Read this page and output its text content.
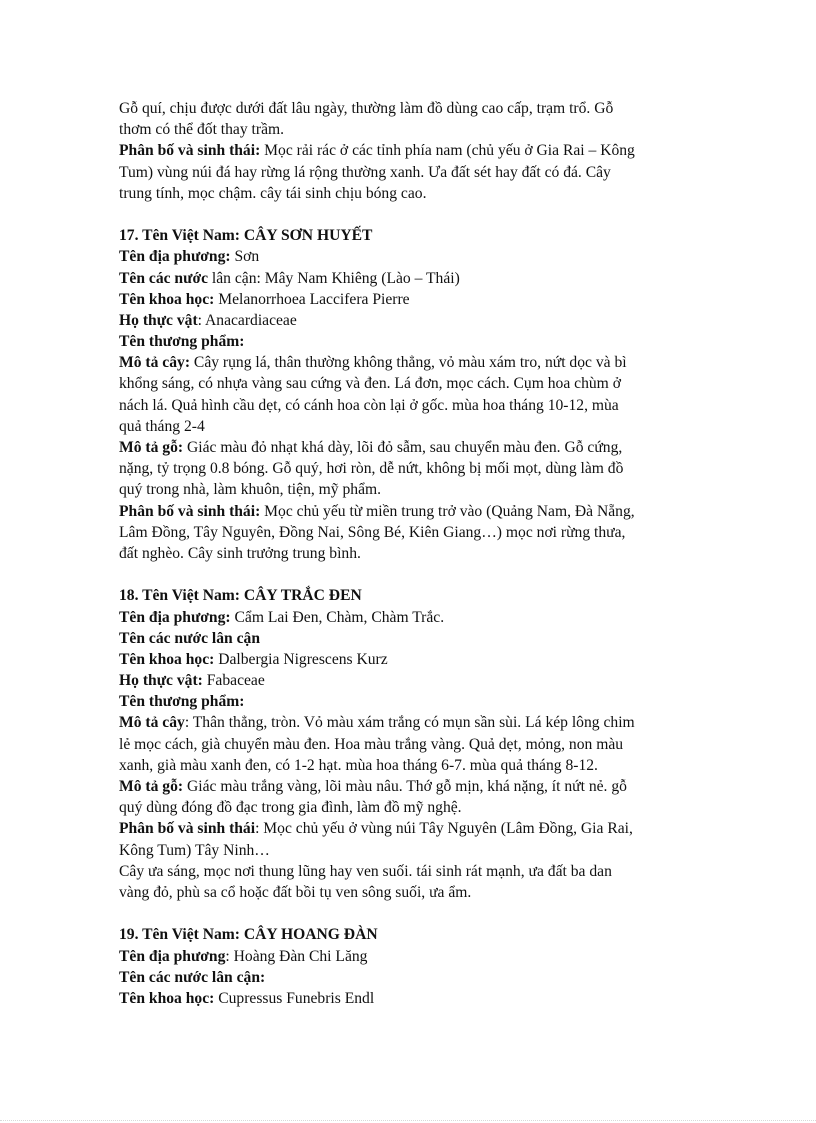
Gỗ quí, chịu được dưới đất lâu ngày, thường làm đồ dùng cao cấp, trạm trổ. Gỗ
thơm có thể đốt thay trầm.
Phân bố và sinh thái: Mọc rải rác ở các tỉnh phía nam (chủ yếu ở Gia Rai – Kông
Tum) vùng núi đá hay rừng lá rộng thường xanh. Ưa đất sét hay đất có đá. Cây
trung tính, mọc chậm. cây tái sinh chịu bóng cao.
17. Tên Việt Nam: CÂY SƠN HUYẾT
Tên địa phương: Sơn
Tên các nước lân cận: Mây Nam Khiêng (Lào – Thái)
Tên khoa học: Melanorrhoea Laccifera Pierre
Họ thực vật: Anacardiaceae
Tên thương phẩm:
Mô tả cây: Cây rụng lá, thân thường không thẳng, vỏ màu xám tro, nứt dọc và bì
khổng sáng, có nhựa vàng sau cứng và đen. Lá đơn, mọc cách. Cụm hoa chùm ở
nách lá. Quả hình cầu dẹt, có cánh hoa còn lại ở gốc. mùa hoa tháng 10-12, mùa
quả tháng 2-4
Mô tả gỗ: Giác màu đỏ nhạt khá dày, lõi đỏ sẫm, sau chuyển màu đen. Gỗ cứng,
nặng, tỷ trọng 0.8 bóng. Gỗ quý, hơi ròn, dễ nứt, không bị mối mọt, dùng làm đồ
quý trong nhà, làm khuôn, tiện, mỹ phẩm.
Phân bố và sinh thái: Mọc chủ yếu từ miền trung trở vào (Quảng Nam, Đà Nẵng,
Lâm Đồng, Tây Nguyên, Đồng Nai, Sông Bé, Kiên Giang…) mọc nơi rừng thưa,
đất nghèo. Cây sinh trưởng trung bình.
18. Tên Việt Nam: CÂY TRẮC ĐEN
Tên địa phương: Cẩm Lai Đen, Chàm, Chàm Trắc.
Tên các nước lân cận
Tên khoa học: Dalbergia Nigrescens Kurz
Họ thực vật: Fabaceae
Tên thương phẩm:
Mô tả cây: Thân thẳng, tròn. Vỏ màu xám trắng có mụn sần sùi. Lá kép lông chim
lẻ mọc cách, già chuyển màu đen. Hoa màu trắng vàng. Quả dẹt, mỏng, non màu
xanh, già màu xanh đen, có 1-2 hạt. mùa hoa tháng 6-7. mùa quả tháng 8-12.
Mô tả gỗ: Giác màu trắng vàng, lõi màu nâu. Thớ gỗ mịn, khá nặng, ít nứt nẻ. gỗ
quý dùng đóng đồ đạc trong gia đình, làm đồ mỹ nghệ.
Phân bố và sinh thái: Mọc chủ yếu ở vùng núi Tây Nguyên (Lâm Đồng, Gia Rai,
Kông Tum) Tây Ninh…
Cây ưa sáng, mọc nơi thung lũng hay ven suối. tái sinh rát mạnh, ưa đất ba dan
vàng đỏ, phù sa cổ hoặc đất bồi tụ ven sông suối, ưa ẩm.
19. Tên Việt Nam: CÂY HOANG ĐÀN
Tên địa phương: Hoàng Đàn Chi Lăng
Tên các nước lân cận:
Tên khoa học: Cupressus Funebris Endl
